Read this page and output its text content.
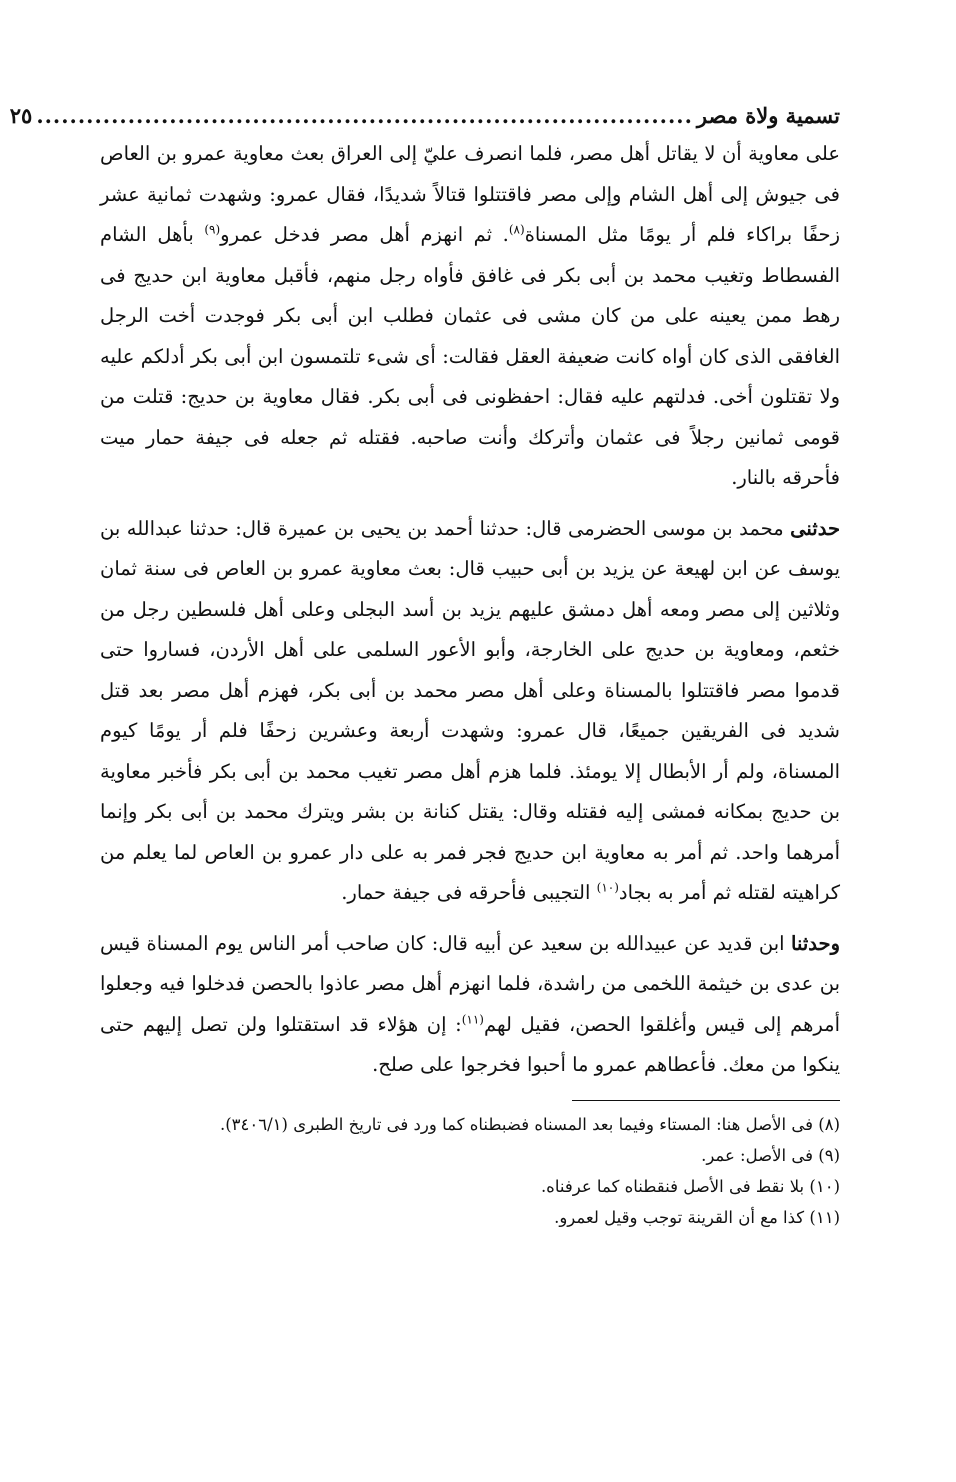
تسمية ولاة مصر
...............................................................................
٢٥

على معاوية أن لا يقاتل أهل مصر، فلما انصرف عليّ إلى العراق بعث معاوية عمرو بن العاص فى جيوش إلى أهل الشام وإلى مصر فاقتتلوا قتالاً شديدًا، فقال عمرو: وشهدت ثمانية عشر زحفًا براكاء فلم أر يومًا مثل المسناة$^{(٨)}$. ثم انهزم أهل مصر فدخل عمرو$^{(٩)}$ بأهل الشام الفسطاط وتغيب محمد بن أبى بكر فى غافق فأواه رجل منهم، فأقبل معاوية ابن حديج فى رهط ممن يعينه على من كان مشى فى عثمان فطلب ابن أبى بكر فوجدت أخت الرجل الغافقى الذى كان أواه كانت ضعيفة العقل فقالت: أى شىء تلتمسون ابن أبى بكر أدلكم عليه ولا تقتلون أخى. فدلتهم عليه فقال: احفظونى فى أبى بكر. فقال معاوية بن حديج: قتلت من قومى ثمانين رجلاً فى عثمان وأتركك وأنت صاحبه. فقتله ثم جعله فى جيفة حمار ميت فأحرقه بالنار.

حدثنى محمد بن موسى الحضرمى قال: حدثنا أحمد بن يحيى بن عميرة قال: حدثنا عبدالله بن يوسف عن ابن لهيعة عن يزيد بن أبى حبيب قال: بعث معاوية عمرو بن العاص فى سنة ثمان وثلاثين إلى مصر ومعه أهل دمشق عليهم يزيد بن أسد البجلى وعلى أهل فلسطين رجل من خثعم، ومعاوية بن حديج على الخارجة، وأبو الأعور السلمى على أهل الأردن، فساروا حتى قدموا مصر فاقتتلوا بالمسناة وعلى أهل مصر محمد بن أبى بكر، فهزم أهل مصر بعد قتل شديد فى الفريقين جميعًا، قال عمرو: وشهدت أربعة وعشرين زحفًا فلم أر يومًا كيوم المسناة، ولم أر الأبطال إلا يومئذ. فلما هزم أهل مصر تغيب محمد بن أبى بكر فأخبر معاوية بن حديج بمكانه فمشى إليه فقتله وقال: يقتل كنانة بن بشر ويترك محمد بن أبى بكر وإنما أمرهما واحد. ثم أمر به معاوية ابن حديج فجر فمر به على دار عمرو بن العاص لما يعلم من كراهيته لقتله ثم أمر به بجاد$^{(١٠)}$ التجيبى فأحرقه فى جيفة حمار.

وحدثنا ابن قديد عن عبيدالله بن سعيد عن أبيه قال: كان صاحب أمر الناس يوم المسناة قيس بن عدى بن خيثمة اللخمى من راشدة، فلما انهزم أهل مصر عاذوا بالحصن فدخلوا فيه وجعلوا أمرهم إلى قيس وأغلقوا الحصن، فقيل لهم$^{(١١)}$: إن هؤلاء قد استقتلوا ولن تصل إليهم حتى ينكوا من معك. فأعطاهم عمرو ما أحبوا فخرجوا على صلح.

(٨) فى الأصل هنا: المستاء وفيما بعد المسناه فضبطناه كما ورد فى تاريخ الطبرى (٣٤٠٦/١).

(٩) فى الأصل: عمر.

(١٠) بلا نقط فى الأصل فنقطناه كما عرفناه.

(١١) كذا مع أن القرينة توجب وقيل لعمرو.
